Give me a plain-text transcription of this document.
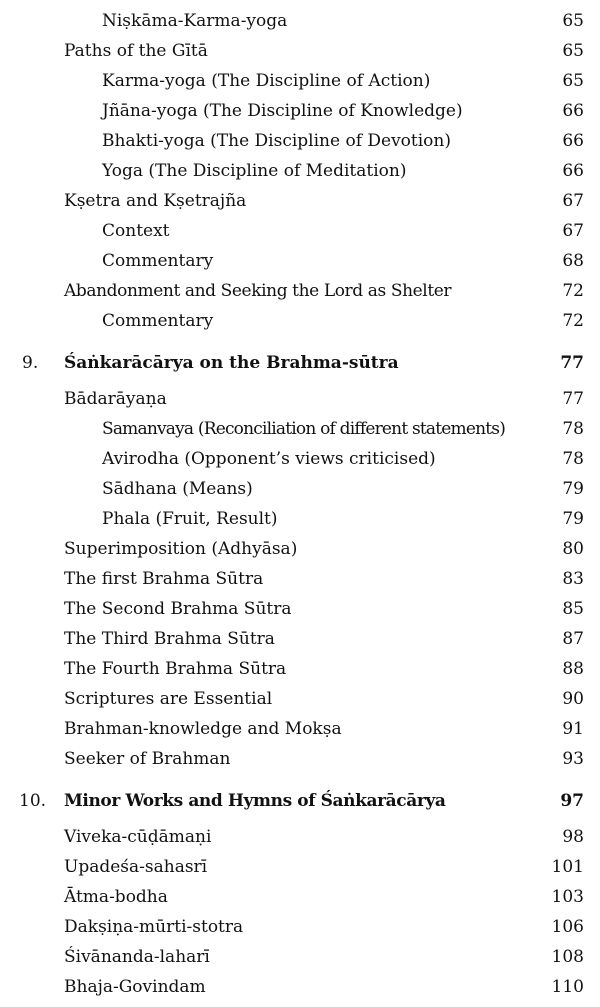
Niṣkāma-Karma-yoga	65
Paths of the Gītā	65
Karma-yoga (The Discipline of Action)	65
Jñāna-yoga (The Discipline of Knowledge)	66
Bhakti-yoga (The Discipline of Devotion)	66
Yoga (The Discipline of Meditation)	66
Kṣetra and Kṣetrajña	67
Context	67
Commentary	68
Abandonment and Seeking the Lord as Shelter	72
Commentary	72
9. Śaṅkarācārya on the Brahma-sūtra	77
Bādarāyaṇa	77
Samanvaya (Reconciliation of different statements)	78
Avirodha (Opponent’s views criticised)	78
Sādhana (Means)	79
Phala (Fruit, Result)	79
Superimposition (Adhyāsa)	80
The first Brahma Sūtra	83
The Second Brahma Sūtra	85
The Third Brahma Sūtra	87
The Fourth Brahma Sūtra	88
Scriptures are Essential	90
Brahman-knowledge and Mokṣa	91
Seeker of Brahman	93
10. Minor Works and Hymns of Śaṅkarācārya	97
Viveka-cūḍāmaṇi	98
Upadeśa-sahasrī	101
Ātma-bodha	103
Dakṣiṇa-mūrti-stotra	106
Śivānanda-laharī	108
Bhaja-Govindam	110
